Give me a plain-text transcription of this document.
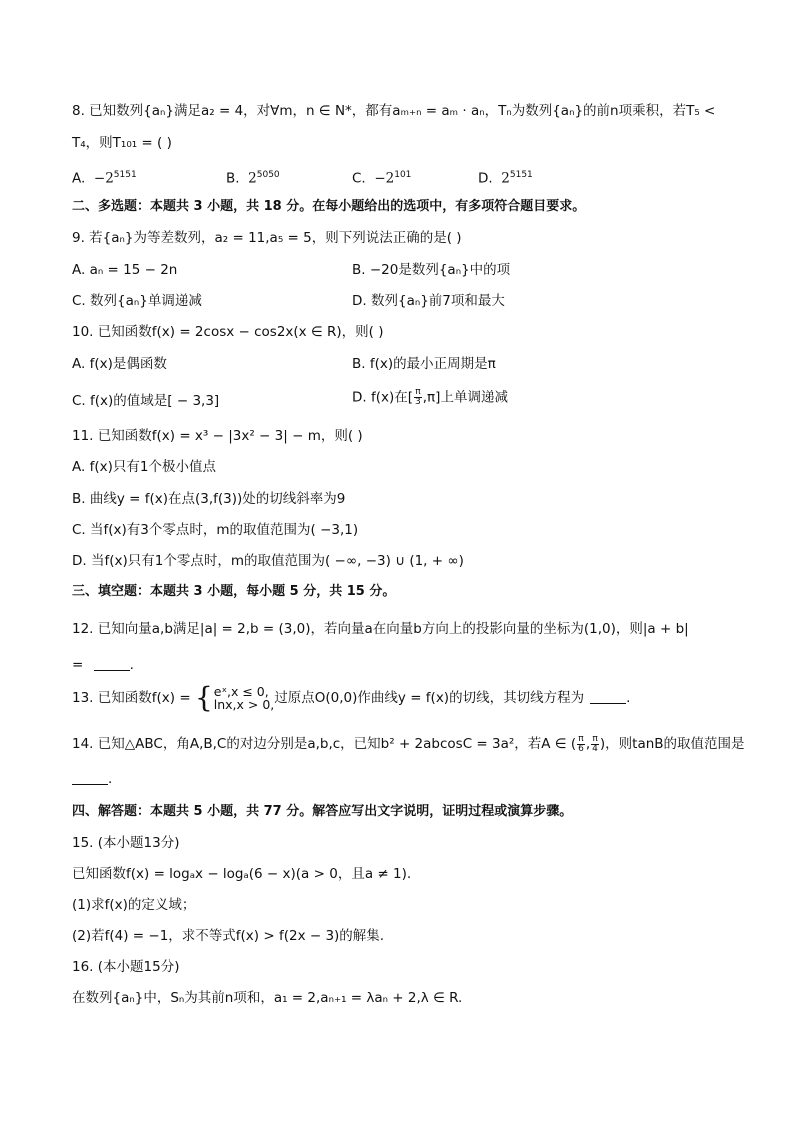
8. 已知数列{aₙ}满足a₂ = 4，对∀m，n ∈ N*，都有aₘ₊ₙ = aₘ · aₙ，Tₙ为数列{aₙ}的前n项乘积，若T₅ <
T₄，则T₁₀₁ = ( )
A. $-2^{5151}$	B. $2^{5050}$	C. $-2^{101}$	D. $2^{5151}$
二、多选题：本题共 3 小题，共 18 分。在每小题给出的选项中，有多项符合题目要求。
9. 若{aₙ}为等差数列，a₂ = 11,a₅ = 5，则下列说法正确的是( )
A. aₙ = 15 − 2n	B. −20是数列{aₙ}中的项
C. 数列{aₙ}单调递减	D. 数列{aₙ}前7项和最大
10. 已知函数f(x) = 2cosx − cos2x(x ∈ R)，则( )
A. f(x)是偶函数	B. f(x)的最小正周期是π
C. f(x)的值域是[ − 3,3]	D. f(x)在[ $\frac{\pi}{3} ,\pi$]上单调递减
11. 已知函数f(x) = x³ − |3x² − 3| − m，则( )
A. f(x)只有1个极小值点
B. 曲线y = f(x)在点(3,f(3))处的切线斜率为9
C. 当f(x)有3个零点时，m的取值范围为( −3,1)
D. 当f(x)只有1个零点时，m的取值范围为( −∞, −3) ∪ (1, + ∞)
三、填空题：本题共 3 小题，每小题 5 分，共 15 分。
12. 已知向量a,b满足|a| = 2,b = (3,0)，若向量a在向量b方向上的投影向量的坐标为(1,0)，则|a + b|
=	.
13. 已知函数f(x) = { eˣ,x ≤ 0,
lnx,x > 0, 过原点O(0,0)作曲线y = f(x)的切线，其切线方程为	.
14. 已知△ABC，角A,B,C的对边分别是a,b,c，已知b² + 2abcosC = 3a²，若A ∈ ( $\frac{\pi}{6}$ , $\frac{\pi}{4}$ )，则tanB的取值范围是
.
四、解答题：本题共 5 小题，共 77 分。解答应写出文字说明，证明过程或演算步骤。
15. (本小题13分)
已知函数f(x) = logₐx − logₐ(6 − x)(a > 0，且a ≠ 1).
(1)求f(x)的定义域；
(2)若f(4) = −1，求不等式f(x) > f(2x − 3)的解集.
16. (本小题15分)
在数列{aₙ}中，Sₙ为其前n项和，a₁ = 2,aₙ₊₁ = λaₙ + 2,λ ∈ R.
